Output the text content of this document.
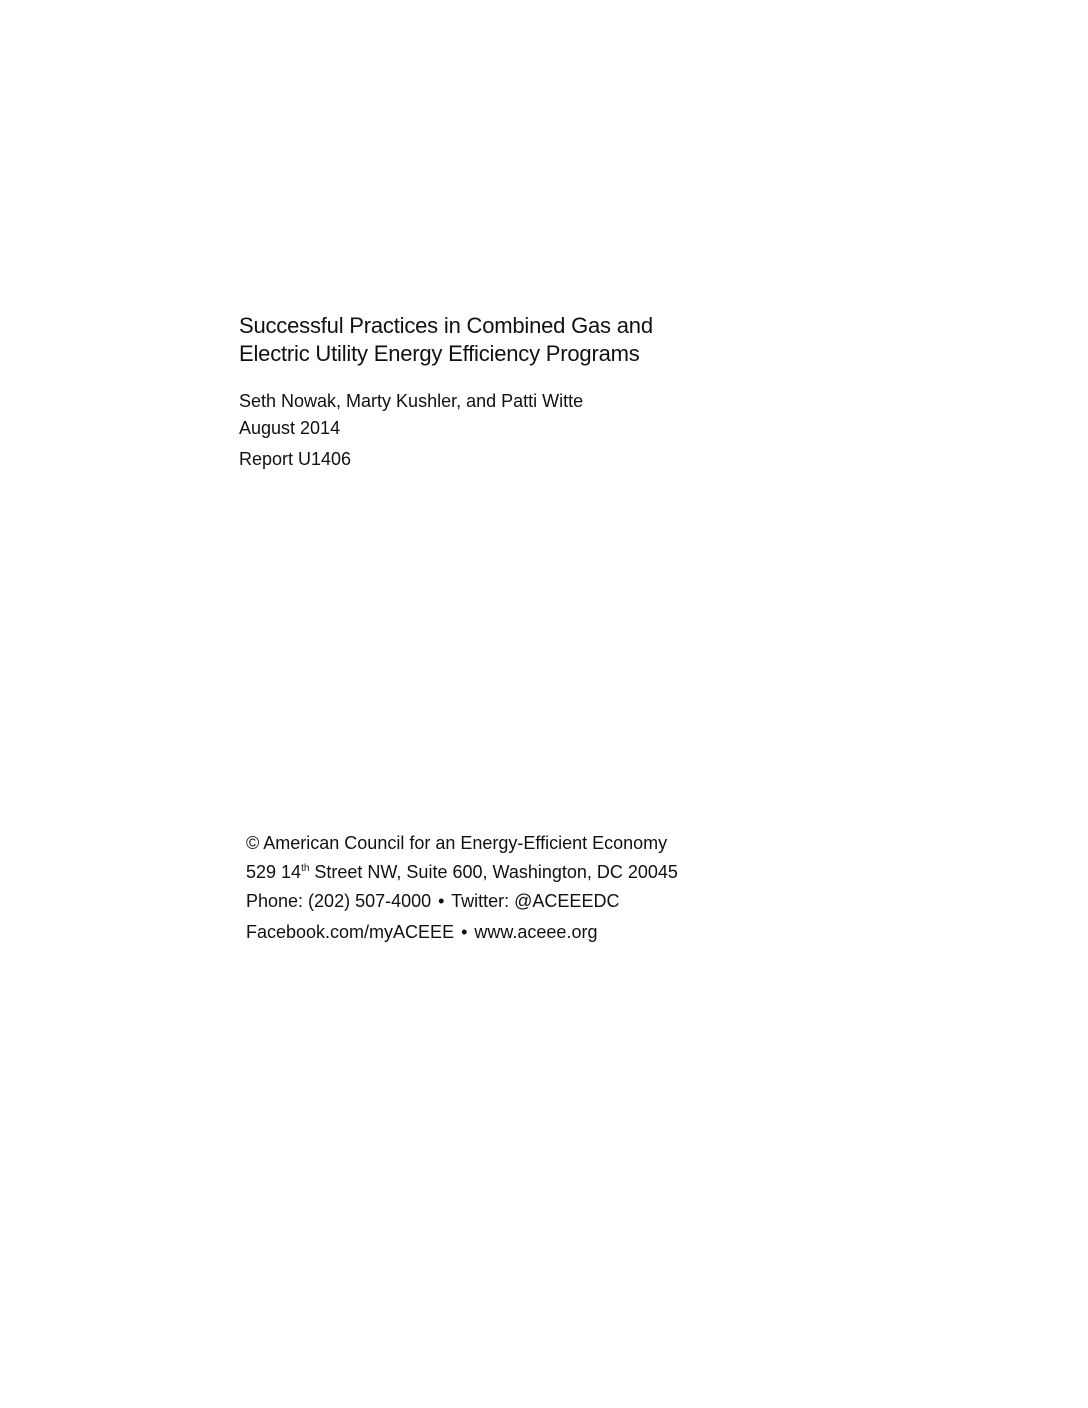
Successful Practices in Combined Gas and
Electric Utility Energy Efficiency Programs
Seth Nowak, Marty Kushler, and Patti Witte
August 2014
Report U1406
© American Council for an Energy-Efficient Economy
529 14th Street NW, Suite 600, Washington, DC 20045
Phone: (202) 507-4000 • Twitter: @ACEEEDC
Facebook.com/myACEEE • www.aceee.org
